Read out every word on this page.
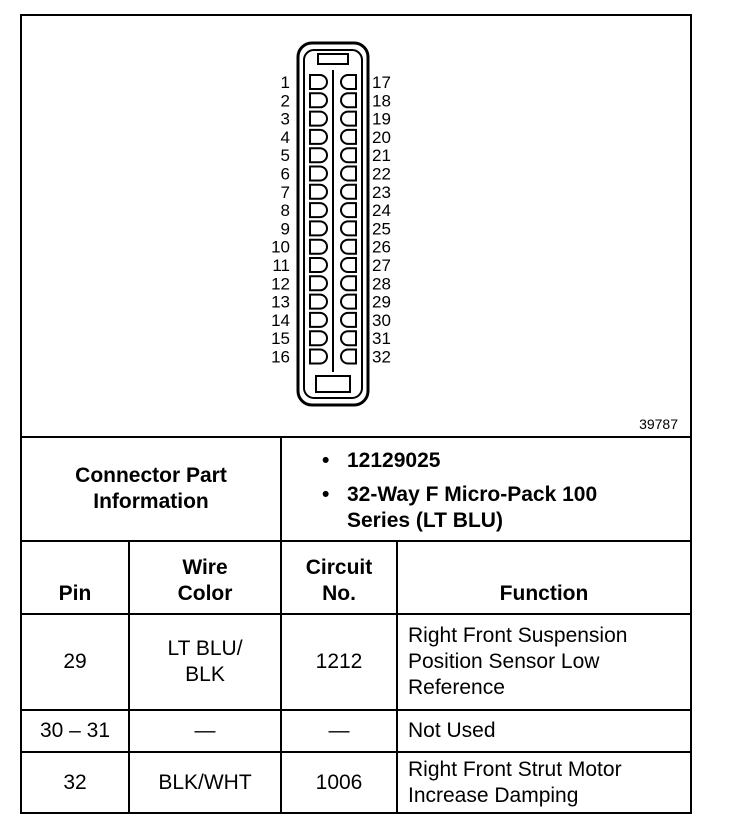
1	17
2	18
3	19
4	20
5	21
6	22
7	23
8	24
9	25
10	26
11	27
12	28
13	29
14	30
15	31
16	32
39787
Connector Part Information
• 12129025
• 32-Way F Micro-Pack 100 Series (LT BLU)
Pin	Wire Color	Circuit No.	Function
29	LT BLU/ BLK	1212	Right Front Suspension Position Sensor Low Reference
30 – 31	—	—	Not Used
32	BLK/WHT	1006	Right Front Strut Motor Increase Damping
